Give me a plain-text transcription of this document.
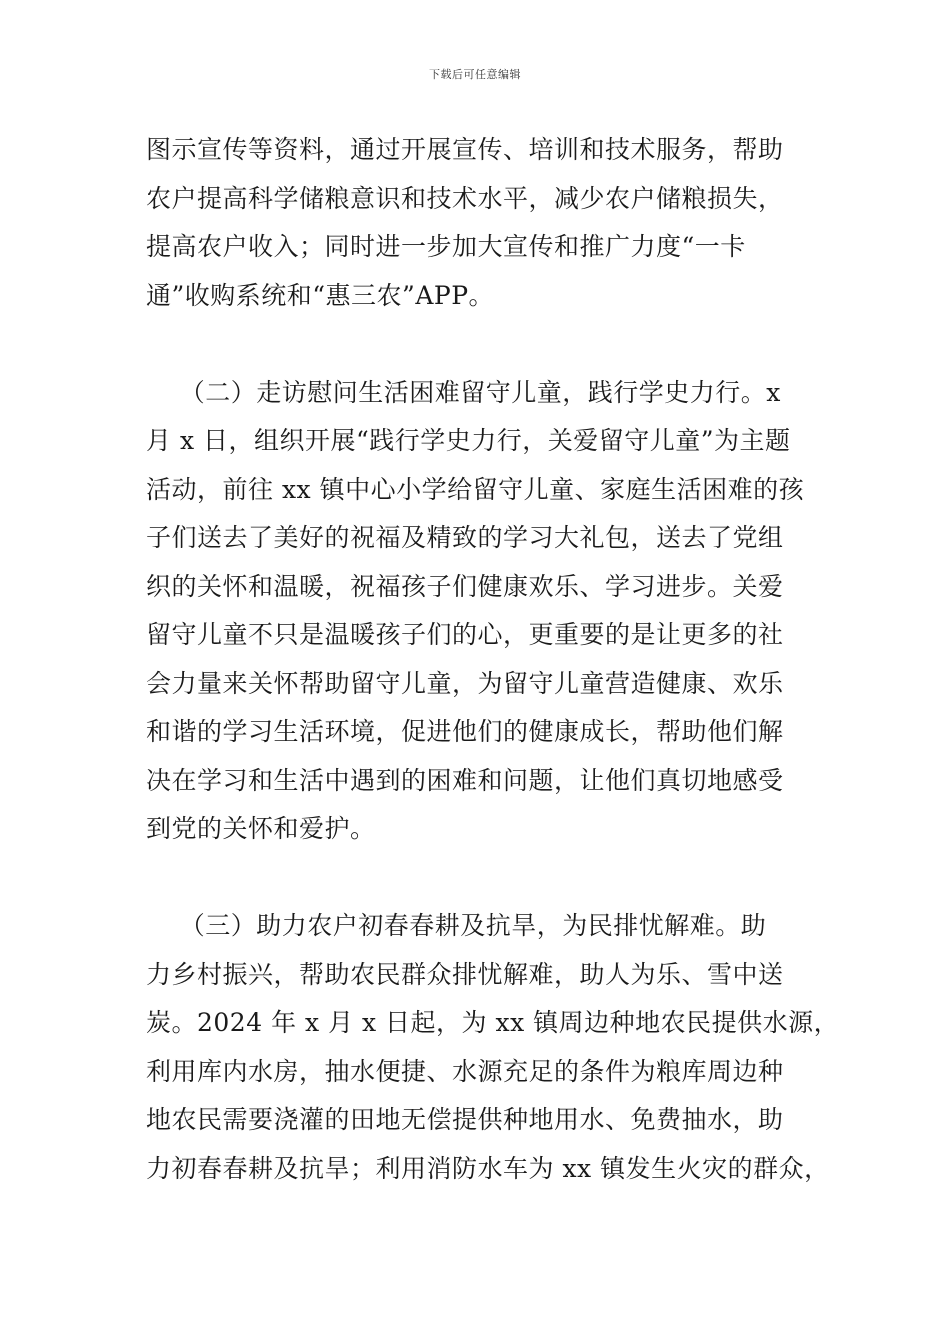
下载后可任意编辑
图示宣传等资料，通过开展宣传、培训和技术服务，帮助
农户提高科学储粮意识和技术水平，减少农户储粮损失，
提高农户收入；同时进一步加大宣传和推广力度“一卡
通”收购系统和“惠三农”APP。
（二）走访慰问生活困难留守儿童，践行学史力行。x
月 x 日，组织开展“践行学史力行，关爱留守儿童”为主题
活动，前往 xx 镇中心小学给留守儿童、家庭生活困难的孩
子们送去了美好的祝福及精致的学习大礼包，送去了党组
织的关怀和温暖，祝福孩子们健康欢乐、学习进步。关爱
留守儿童不只是温暖孩子们的心，更重要的是让更多的社
会力量来关怀帮助留守儿童，为留守儿童营造健康、欢乐
和谐的学习生活环境，促进他们的健康成长，帮助他们解
决在学习和生活中遇到的困难和问题，让他们真切地感受
到党的关怀和爱护。
（三）助力农户初春春耕及抗旱，为民排忧解难。助
力乡村振兴，帮助农民群众排忧解难，助人为乐、雪中送
炭。2024 年 x 月 x 日起，为 xx 镇周边种地农民提供水源，
利用库内水房，抽水便捷、水源充足的条件为粮库周边种
地农民需要浇灌的田地无偿提供种地用水、免费抽水，助
力初春春耕及抗旱；利用消防水车为 xx 镇发生火灾的群众，
